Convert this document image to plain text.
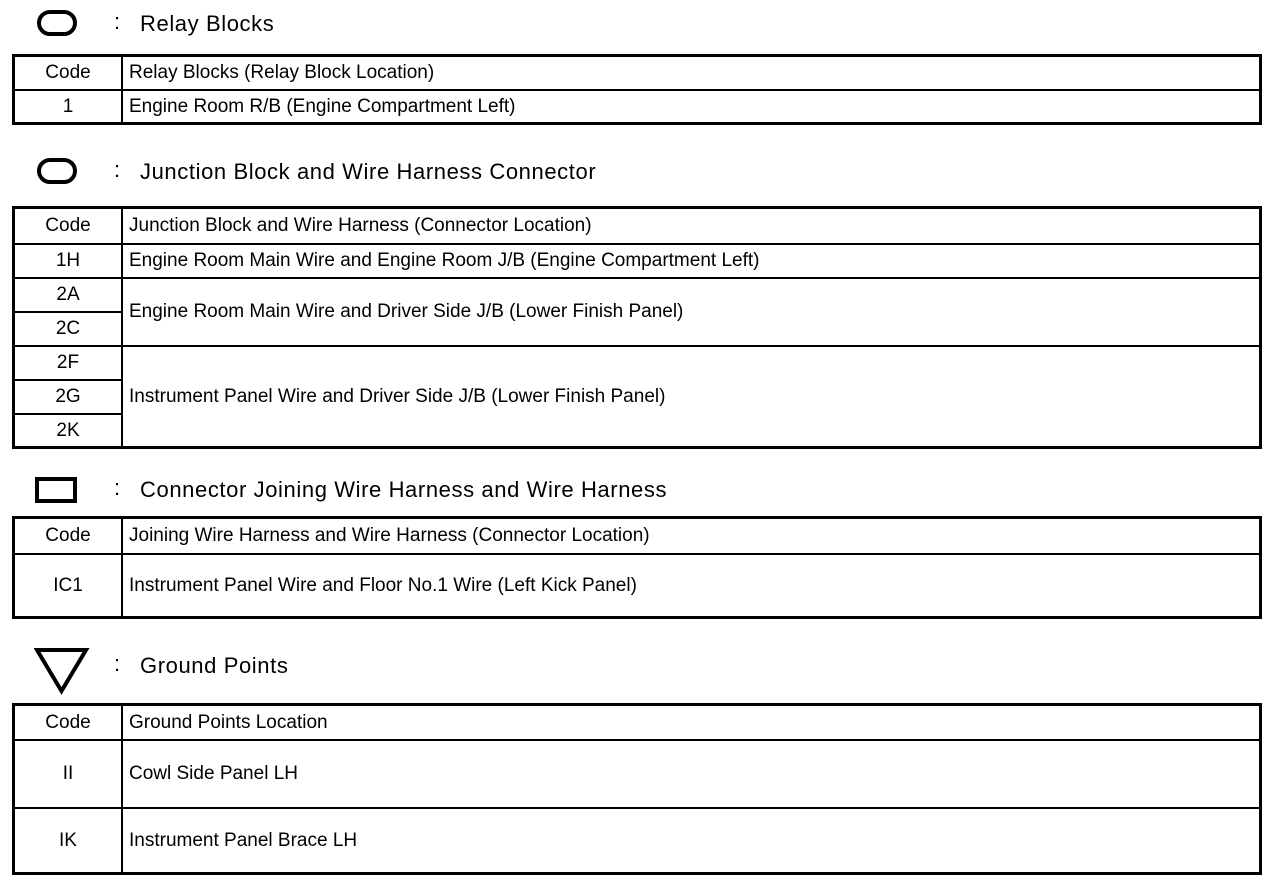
: Relay Blocks
Code	Relay Blocks (Relay Block Location)
1	Engine Room R/B (Engine Compartment Left)
: Junction Block and Wire Harness Connector
Code	Junction Block and Wire Harness (Connector Location)
1H	Engine Room Main Wire and Engine Room J/B (Engine Compartment Left)
2A	Engine Room Main Wire and Driver Side J/B (Lower Finish Panel)
2C	
2F	Instrument Panel Wire and Driver Side J/B (Lower Finish Panel)
2G	
2K	
: Connector Joining Wire Harness and Wire Harness
Code	Joining Wire Harness and Wire Harness (Connector Location)
IC1	Instrument Panel Wire and Floor No.1 Wire (Left Kick Panel)
: Ground Points
Code	Ground Points Location
II	Cowl Side Panel LH
IK	Instrument Panel Brace LH
